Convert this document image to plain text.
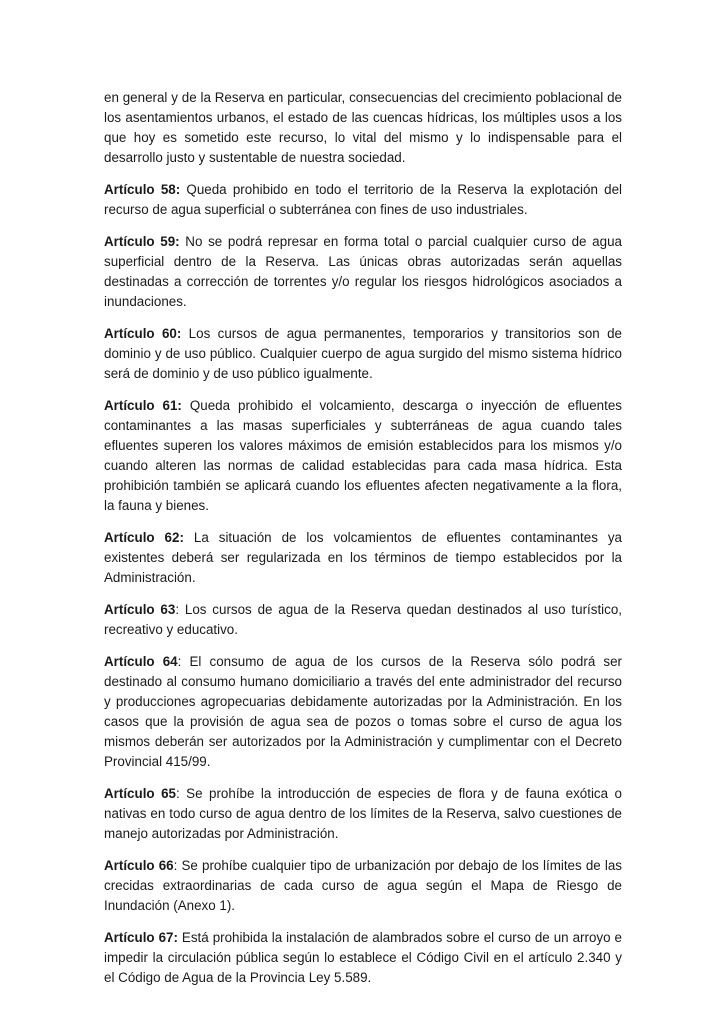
en general y de la Reserva en particular, consecuencias del crecimiento poblacional de los asentamientos urbanos, el estado de las cuencas hídricas, los múltiples usos a los que hoy es sometido este recurso, lo vital del mismo y lo indispensable para el desarrollo justo y sustentable de nuestra sociedad.

Artículo 58: Queda prohibido en todo el territorio de la Reserva la explotación del recurso de agua superficial o subterránea con fines de uso industriales.

Artículo 59: No se podrá represar en forma total o parcial cualquier curso de agua superficial dentro de la Reserva. Las únicas obras autorizadas serán aquellas destinadas a corrección de torrentes y/o regular los riesgos hidrológicos asociados a inundaciones.

Artículo 60: Los cursos de agua permanentes, temporarios y transitorios son de dominio y de uso público. Cualquier cuerpo de agua surgido del mismo sistema hídrico será de dominio y de uso público igualmente.

Artículo 61: Queda prohibido el volcamiento, descarga o inyección de efluentes contaminantes a las masas superficiales y subterráneas de agua cuando tales efluentes superen los valores máximos de emisión establecidos para los mismos y/o cuando alteren las normas de calidad establecidas para cada masa hídrica. Esta prohibición también se aplicará cuando los efluentes afecten negativamente a la flora, la fauna y bienes.

Artículo 62: La situación de los volcamientos de efluentes contaminantes ya existentes deberá ser regularizada en los términos de tiempo establecidos por la Administración.

Artículo 63: Los cursos de agua de la Reserva quedan destinados al uso turístico, recreativo y educativo.

Artículo 64: El consumo de agua de los cursos de la Reserva sólo podrá ser destinado al consumo humano domiciliario a través del ente administrador del recurso y producciones agropecuarias debidamente autorizadas por la Administración. En los casos que la provisión de agua sea de pozos o tomas sobre el curso de agua los mismos deberán ser autorizados por la Administración y cumplimentar con el Decreto Provincial 415/99.

Artículo 65: Se prohíbe la introducción de especies de flora y de fauna exótica o nativas en todo curso de agua dentro de los límites de la Reserva, salvo cuestiones de manejo autorizadas por Administración.

Artículo 66: Se prohíbe cualquier tipo de urbanización por debajo de los límites de las crecidas extraordinarias de cada curso de agua según el Mapa de Riesgo de Inundación (Anexo 1).

Artículo 67: Está prohibida la instalación de alambrados sobre el curso de un arroyo e impedir la circulación pública según lo establece el Código Civil en el artículo 2.340 y el Código de Agua de la Provincia Ley 5.589.
